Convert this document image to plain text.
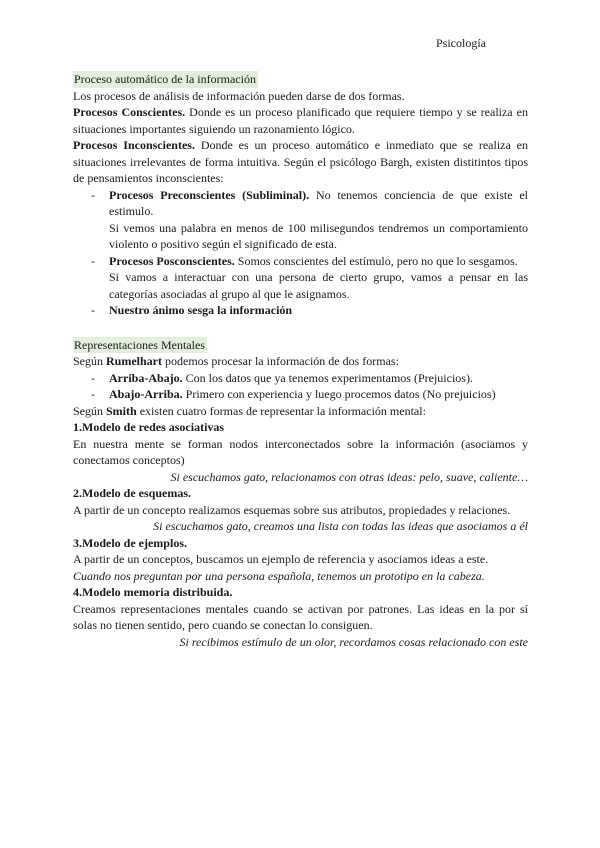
Psicología

Proceso automático de la información

Los procesos de análisis de información pueden darse de dos formas.

Procesos Conscientes. Donde es un proceso planificado que requiere tiempo y se realiza en situaciones importantes siguiendo un razonamiento lógico.

Procesos Inconscientes. Donde es un proceso automático e inmediato que se realiza en situaciones irrelevantes de forma intuitiva. Según el psicólogo Bargh, existen distitintos tipos de pensamientos inconscientes:

- Procesos Preconscientes (Subliminal). No tenemos conciencia de que existe el estimulo.

Si vemos una palabra en menos de 100 milisegundos tendremos un comportamiento violento o positivo según el significado de esta.

- Procesos Posconscientes. Somos conscientes del estímulo, pero no que lo sesgamos.

Si vamos a interactuar con una persona de cierto grupo, vamos a pensar en las categorías asociadas al grupo al que le asignamos.

- Nuestro ánimo sesga la información

Representaciones Mentales

Según Rumelhart podemos procesar la información de dos formas:

- Arriba-Abajo. Con los datos que ya tenemos experimentamos (Prejuicios).
- Abajo-Arriba. Primero con experiencia y luego procemos datos (No prejuicios)

Según Smith existen cuatro formas de representar la información mental:

1.Modelo de redes asociativas

En nuestra mente se forman nodos interconectados sobre la información (asociamos y conectamos conceptos)

Si escuchamos gato, relacionamos con otras ideas: pelo, suave, caliente…

2.Modelo de esquemas.

A partir de un concepto realizamos esquemas sobre sus atributos, propiedades y relaciones.

Si escuchamos gato, creamos una lista con todas las ideas que asociamos a él

3.Modelo de ejemplos.

A partir de un conceptos, buscamos un ejemplo de referencia y asociamos ideas a este.

Cuando nos preguntan por una persona española, tenemos un prototipo en la cabeza.

4.Modelo memoria distribuida.

Creamos representaciones mentales cuando se activan por patrones. Las ideas en la por sí solas no tienen sentido, pero cuando se conectan lo consiguen.

Si recibimos estímulo de un olor, recordamos cosas relacionado con este
